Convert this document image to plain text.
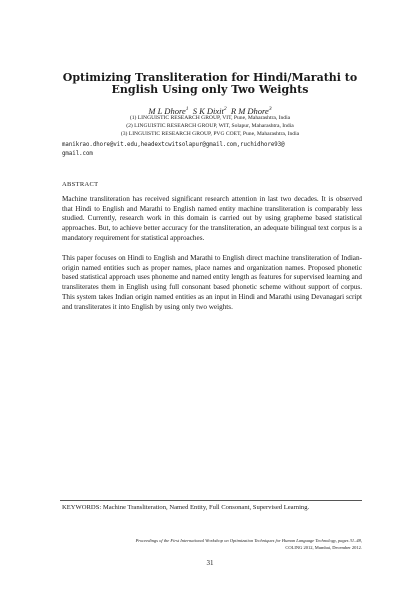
Optimizing Transliteration for Hindi/Marathi to
English Using only Two Weights
M L Dhore$^1$ S K Dixit$^2$ R M Dhore$^3$
(1) LINGUISTIC RESEARCH GROUP, VIT, Pune, Maharashtra, India
(2) LINGUISTIC RESEARCH GROUP, WIT, Solapur, Maharashtra, India
(3) LINGUISTIC RESEARCH GROUP, PVG COET, Pune, Maharashtra, India
manikrao.dhore@vit.edu,headextcwitsolapur@gmail.com,ruchidhore93@
gmail.com
ABSTRACT

Machine transliteration has received significant research attention in last two decades. It is observed that Hindi to English and Marathi to English named entity machine transliteration is comparably less studied. Currently, research work in this domain is carried out by using grapheme based statistical approaches. But, to achieve better accuracy for the transliteration, an adequate bilingual text corpus is a mandatory requirement for statistical approaches.

This paper focuses on Hindi to English and Marathi to English direct machine transliteration of Indian-origin named entities such as proper names, place names and organization names. Proposed phonetic based statistical approach uses phoneme and named entity length as features for supervised learning and transliterates them in English using full consonant based phonetic scheme without support of corpus. This system takes Indian origin named entities as an input in Hindi and Marathi using Devanagari script and transliterates it into English by using only two weights.

KEYWORDS: Machine Transliteration, Named Entity, Full Consonant, Supervised Learning.
Proceedings of the First International Workshop on Optimization Techniques for Human Language Technology, pages 31–48,
COLING 2012, Mumbai, December 2012.
31
